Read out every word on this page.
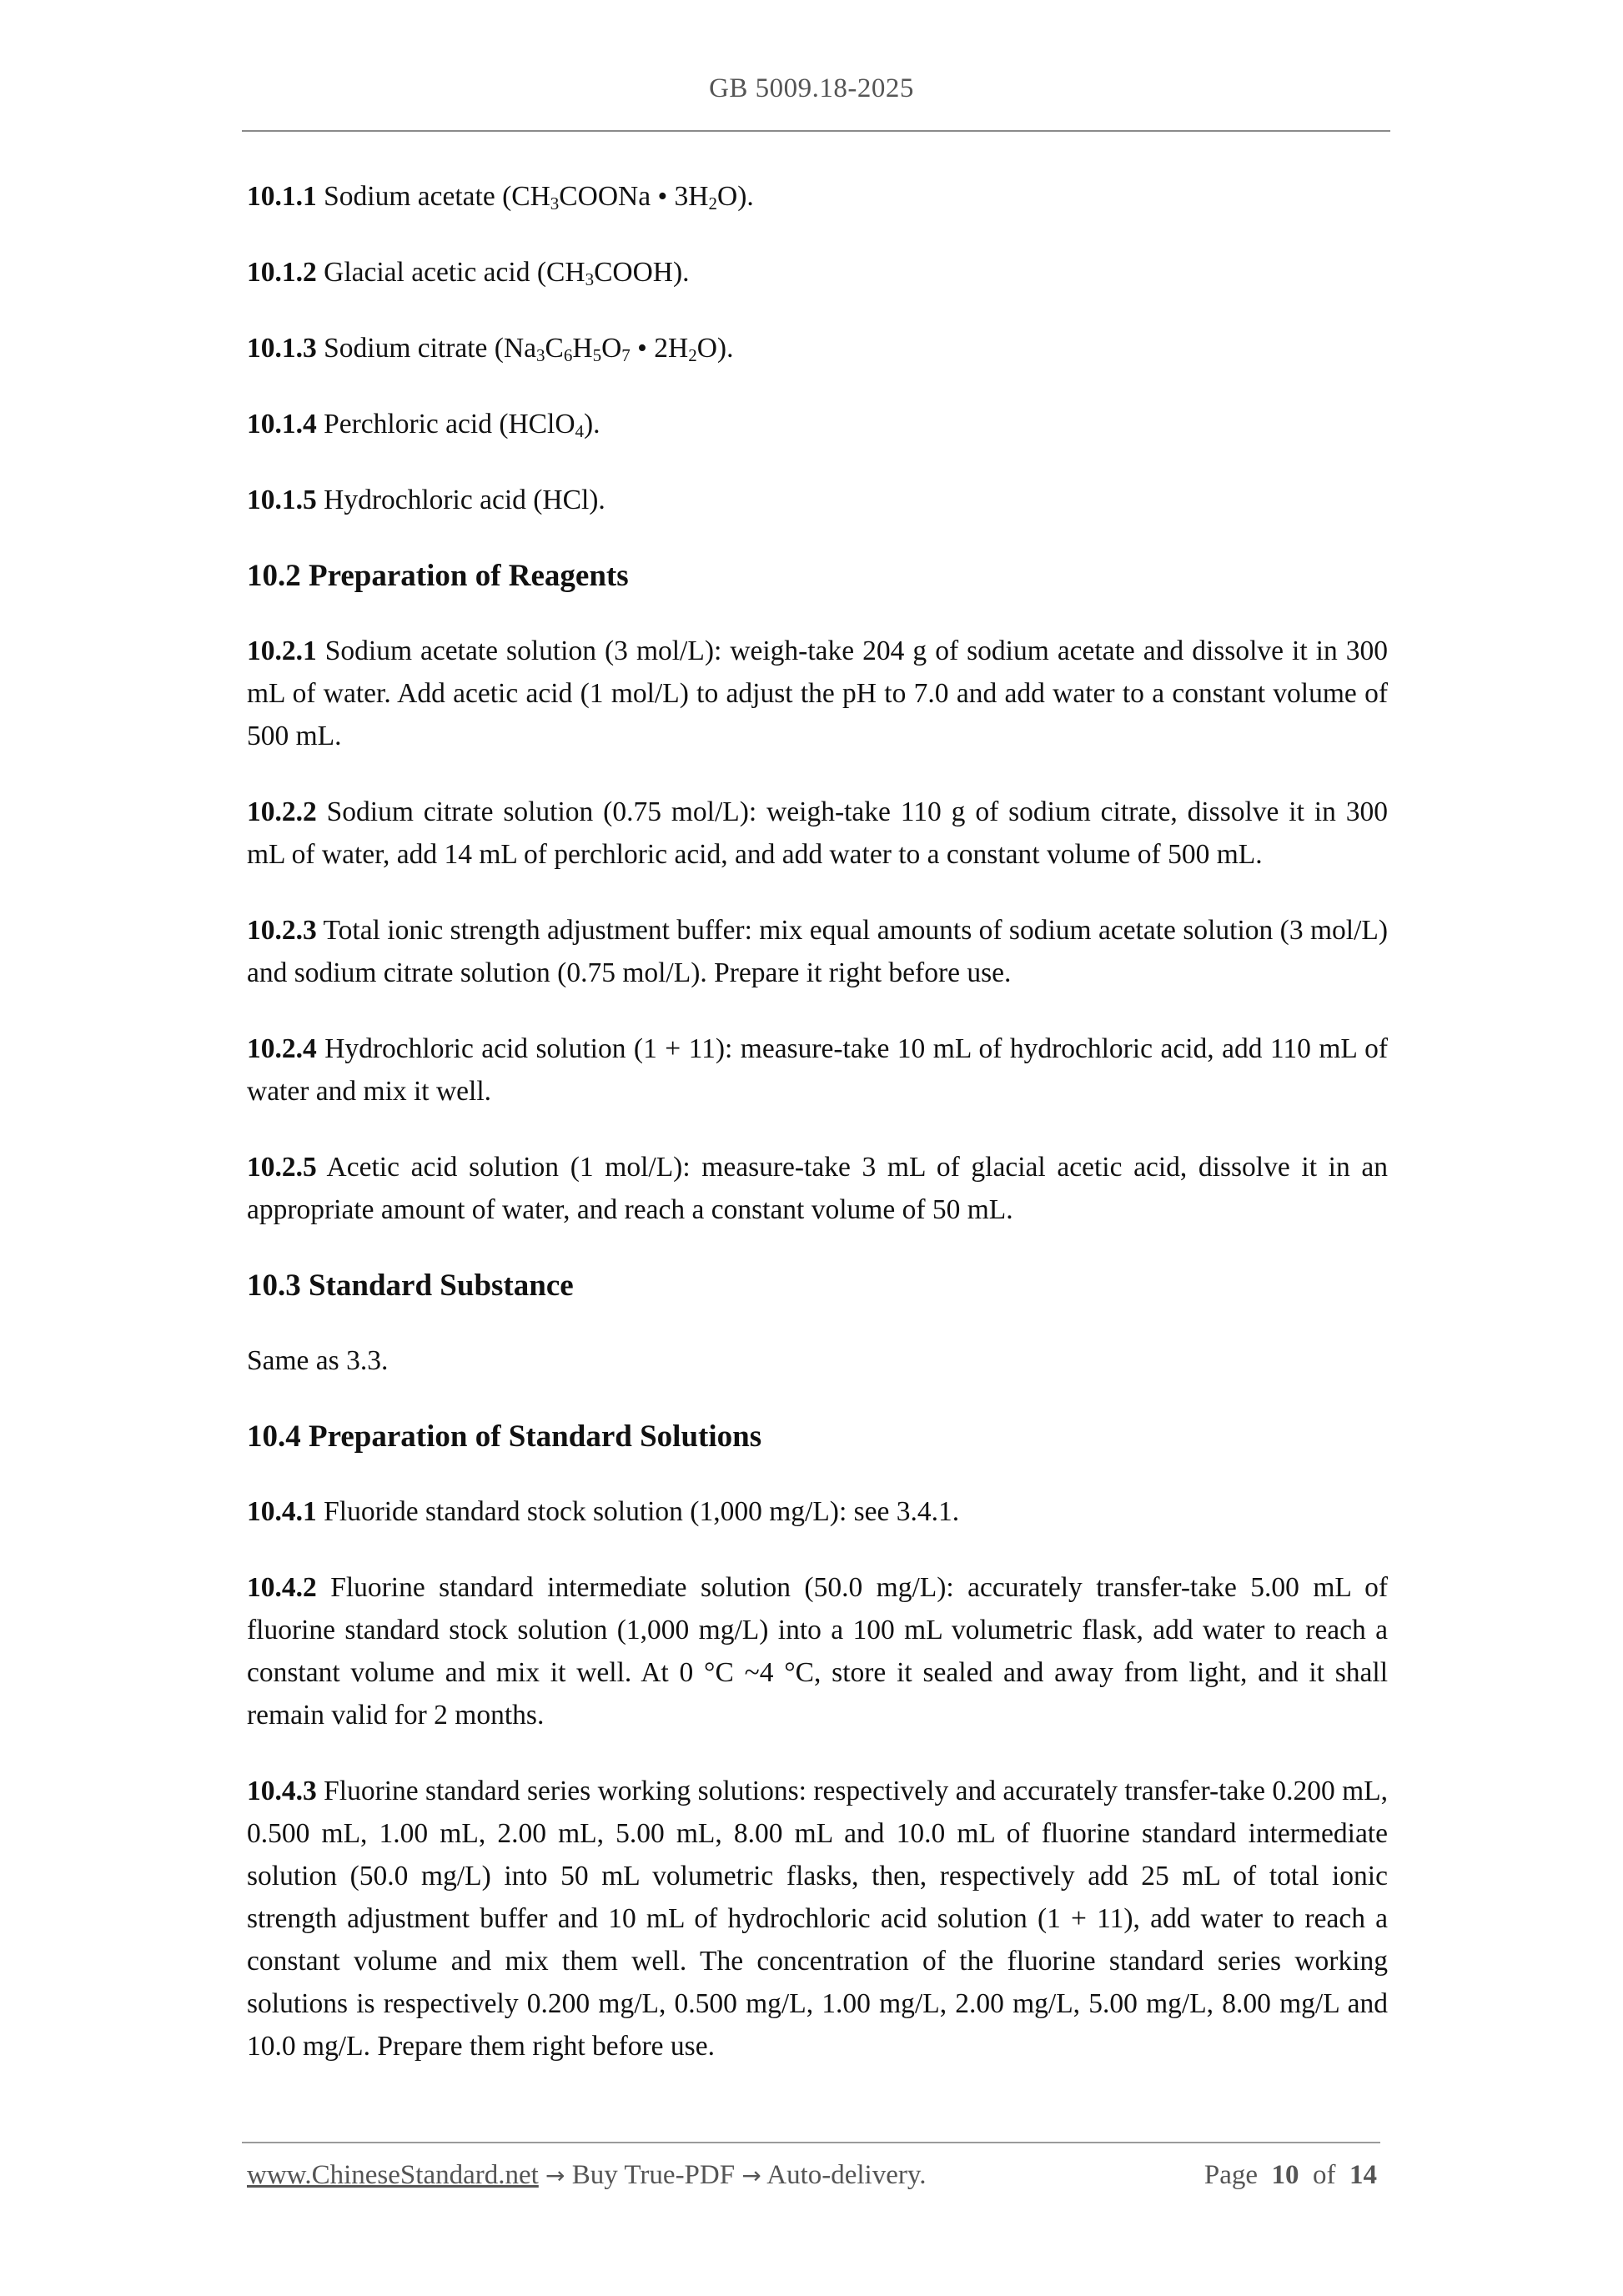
GB 5009.18-2025

10.1.1 Sodium acetate ($CH_3COONa$ • $3H_2O$).

10.1.2 Glacial acetic acid $(CH_3COOH)$.

10.1.3 Sodium citrate ($Na_3C_6H_5O_7$ • $2H_2O$).

10.1.4 Perchloric acid (HClO$_4$).

10.1.5 Hydrochloric acid (HCl).

10.2 Preparation of Reagents

10.2.1 Sodium acetate solution (3 mol/L): weigh-take 204 g of sodium acetate and dissolve it in 300 mL of water. Add acetic acid (1 mol/L) to adjust the pH to 7.0 and add water to a constant volume of 500 mL.

10.2.2 Sodium citrate solution (0.75 mol/L): weigh-take 110 g of sodium citrate, dissolve it in 300 mL of water, add 14 mL of perchloric acid, and add water to a constant volume of 500 mL.

10.2.3 Total ionic strength adjustment buffer: mix equal amounts of sodium acetate solution (3 mol/L) and sodium citrate solution (0.75 mol/L). Prepare it right before use.

10.2.4 Hydrochloric acid solution (1 + 11): measure-take 10 mL of hydrochloric acid, add 110 mL of water and mix it well.

10.2.5 Acetic acid solution (1 mol/L): measure-take 3 mL of glacial acetic acid, dissolve it in an appropriate amount of water, and reach a constant volume of 50 mL.

10.3 Standard Substance

Same as 3.3.

10.4 Preparation of Standard Solutions

10.4.1 Fluoride standard stock solution (1,000 mg/L): see 3.4.1.

10.4.2 Fluorine standard intermediate solution (50.0 mg/L): accurately transfer-take 5.00 mL of fluorine standard stock solution (1,000 mg/L) into a 100 mL volumetric flask, add water to reach a constant volume and mix it well. At 0 °C ~4 °C, store it sealed and away from light, and it shall remain valid for 2 months.

10.4.3 Fluorine standard series working solutions: respectively and accurately transfer-take 0.200 mL, 0.500 mL, 1.00 mL, 2.00 mL, 5.00 mL, 8.00 mL and 10.0 mL of fluorine standard intermediate solution (50.0 mg/L) into 50 mL volumetric flasks, then, respectively add 25 mL of total ionic strength adjustment buffer and 10 mL of hydrochloric acid solution (1 + 11), add water to reach a constant volume and mix them well. The concentration of the fluorine standard series working solutions is respectively 0.200 mg/L, 0.500 mg/L, 1.00 mg/L, 2.00 mg/L, 5.00 mg/L, 8.00 mg/L and 10.0 mg/L. Prepare them right before use.

www.ChineseStandard.net → Buy True-PDF → Auto-delivery.	Page 10 of 14
